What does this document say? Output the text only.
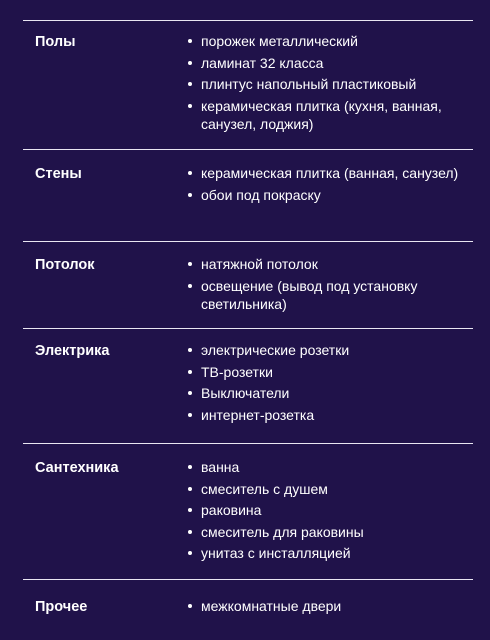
Полы	порожек металлический
ламинат 32 класса
плинтус напольный пластиковый
керамическая плитка (кухня, ванная, санузел, лоджия)
Стены	керамическая плитка (ванная, санузел)
обои под покраску
Потолок	натяжной потолок
освещение (вывод под установку светильника)
Электрика	электрические розетки
ТВ-розетки
Выключатели
интернет-розетка
Сантехника	ванна
смеситель с душем
раковина
смеситель для раковины
унитаз с инсталляцией
Прочее	межкомнатные двери
